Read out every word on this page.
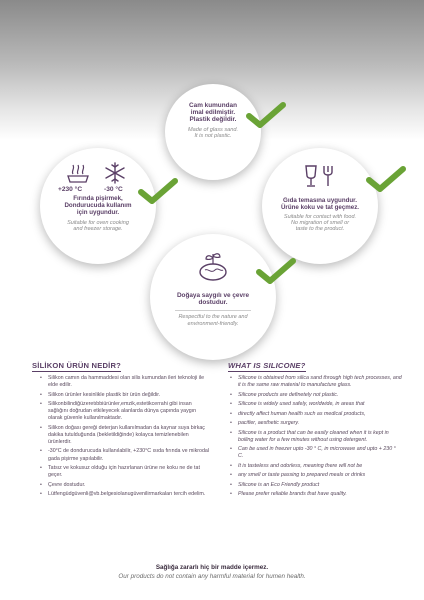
Cam kumundan
imal edilmiştir.
Plastik değildir.
Made of glass sand.
It is not plastic.
+230 °C	-30 °C
Fırında pişirmek,
Dondurucuda kullanım
için uygundur.
Suitable for oven cooking
and freezer storage.
Gıda temasına uygundur.
Ürüne koku ve tat geçmez.
Suitable for contact with food.
No migration of smell or
taste to the product.
Doğaya saygılı ve çevre
dostudur.
Respectful to the nature and
environment-friendly.
SİLİKON ÜRÜN NEDİR?
• Silikon camın da hammaddesi olan silis kumundan ileri teknoloji ile elde edilir.
• Silikon ürünler kesinlikle plastik bir ürün değildir.
• Silikonbilindiğüzeretıbbiürünler,emzik,estetikcerrahi gibi insan sağlığını doğrudan etkileyecek alanlarda dünya çapında yaygın olarak güvenle kullanılmaktadır.
• Silikon doğası gereği deterjan kullanılmadan da kaynar suya birkaç dakika tutulduğunda (bekletildiğinde) kolayca temizlenebilen ürünlerdir.
• -30°C de dondurucuda kullanılabilir, +230°C ısıda fırında ve mikrodal gada pişirme yapılabilir.
• Tatsız ve kokusuz olduğu için hazırlanan ürüne ne koku ne de tat geçer.
• Çevre dostudur.
• Lütfengüdgüvenli@vb.belgesiolanugüvenilirmarkaları tercih edelim.
WHAT IS SILICONE?
• Silicone is obtained from silica sand through high tech processes, and it is the same raw material to manufacture glass.
• Silicone products are definetely not plastic.
• Silicone is widely used safely, worldwide, in areas that
• directly affect human health such as medical products,
• pacifier, aesthetic surgery.
• Silicone is a product that can be easily cleaned when it is kept in boiling water for a few minutes without using detergent.
• Can be used in freezer upto -30 ° C, in microwave and upto + 230 ° C.
• It is tasteless and odorless, meaning there will not be
• any smell or taste passing to prepared meals or drinks
• Silicone is an Eco Friendly product
• Please prefer reliable brands that have quality.
Sağlığa zararlı hiç bir madde içermez.
Our products do not contain any harmful material for humen health.
